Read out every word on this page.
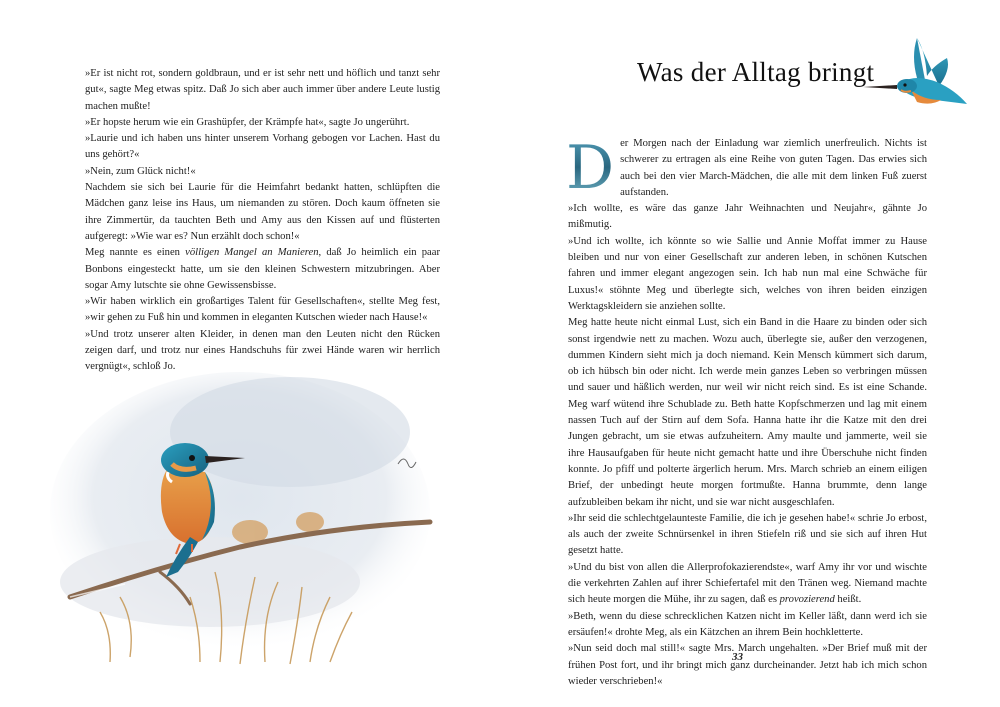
»Er ist nicht rot, sondern goldbraun, und er ist sehr nett und höflich und tanzt sehr gut«, sagte Meg etwas spitz. Daß Jo sich aber auch immer über andere Leute lustig machen mußte!

»Er hopste herum wie ein Grashüpfer, der Krämpfe hat«, sagte Jo ungerührt.

»Laurie und ich haben uns hinter unserem Vorhang gebogen vor Lachen. Hast du uns gehört?«

»Nein, zum Glück nicht!«

Nachdem sie sich bei Laurie für die Heimfahrt bedankt hatten, schlüpften die Mädchen ganz leise ins Haus, um niemanden zu stören. Doch kaum öffneten sie ihre Zimmertür, da tauchten Beth und Amy aus den Kissen auf und flüsterten aufgeregt: »Wie war es? Nun erzählt doch schon!«

Meg nannte es einen völligen Mangel an Manieren, daß Jo heimlich ein paar Bonbons eingesteckt hatte, um sie den kleinen Schwestern mitzubringen. Aber sogar Amy lutschte sie ohne Gewissensbisse.

»Wir haben wirklich ein großartiges Talent für Gesellschaften«, stellte Meg fest, »wir gehen zu Fuß hin und kommen in eleganten Kutschen wieder nach Hause!«

»Und trotz unserer alten Kleider, in denen man den Leuten nicht den Rücken zeigen darf, und trotz nur eines Handschuhs für zwei Hände waren wir herrlich vergnügt«, schloß Jo.

Was der Alltag bringt

D er Morgen nach der Einladung war ziemlich unerfreulich. Nichts ist schwerer zu ertragen als eine Reihe von guten Tagen. Das erwies sich auch bei den vier March-Mädchen, die alle mit dem linken Fuß zuerst aufstanden.

»Ich wollte, es wäre das ganze Jahr Weihnachten und Neujahr«, gähnte Jo mißmutig.

»Und ich wollte, ich könnte so wie Sallie und Annie Moffat immer zu Hause bleiben und nur von einer Gesellschaft zur anderen leben, in schönen Kutschen fahren und immer elegant angezogen sein. Ich hab nun mal eine Schwäche für Luxus!« stöhnte Meg und überlegte sich, welches von ihren beiden einzigen Werktagskleidern sie anziehen sollte.

Meg hatte heute nicht einmal Lust, sich ein Band in die Haare zu binden oder sich sonst irgendwie nett zu machen. Wozu auch, überlegte sie, außer den verzogenen, dummen Kindern sieht mich ja doch niemand. Kein Mensch kümmert sich darum, ob ich hübsch bin oder nicht. Ich werde mein ganzes Leben so verbringen müssen und sauer und häßlich werden, nur weil wir nicht reich sind. Es ist eine Schande. Meg warf wütend ihre Schublade zu. Beth hatte Kopfschmerzen und lag mit einem nassen Tuch auf der Stirn auf dem Sofa. Hanna hatte ihr die Katze mit den drei Jungen gebracht, um sie etwas aufzuheitern. Amy maulte und jammerte, weil sie ihre Hausaufgaben für heute nicht gemacht hatte und ihre Überschuhe nicht finden konnte. Jo pfiff und polterte ärgerlich herum. Mrs. March schrieb an einem eiligen Brief, der unbedingt heute morgen fortmußte. Hanna brummte, denn lange aufzubleiben bekam ihr nicht, und sie war nicht ausgeschlafen.

»Ihr seid die schlechtgelaunteste Familie, die ich je gesehen habe!« schrie Jo erbost, als auch der zweite Schnürsenkel in ihren Stiefeln riß und sie sich auf ihren Hut gesetzt hatte.

»Und du bist von allen die Allerprofokazierendste«, warf Amy ihr vor und wischte die verkehrten Zahlen auf ihrer Schiefertafel mit den Tränen weg. Niemand machte sich heute morgen die Mühe, ihr zu sagen, daß es provozierend heißt.

»Beth, wenn du diese schrecklichen Katzen nicht im Keller läßt, dann werd ich sie ersäufen!« drohte Meg, als ein Kätzchen an ihrem Bein hochkletterte.

»Nun seid doch mal still!« sagte Mrs. March ungehalten. »Der Brief muß mit der frühen Post fort, und ihr bringt mich ganz durcheinander. Jetzt hab ich mich schon wieder verschrieben!«

33
